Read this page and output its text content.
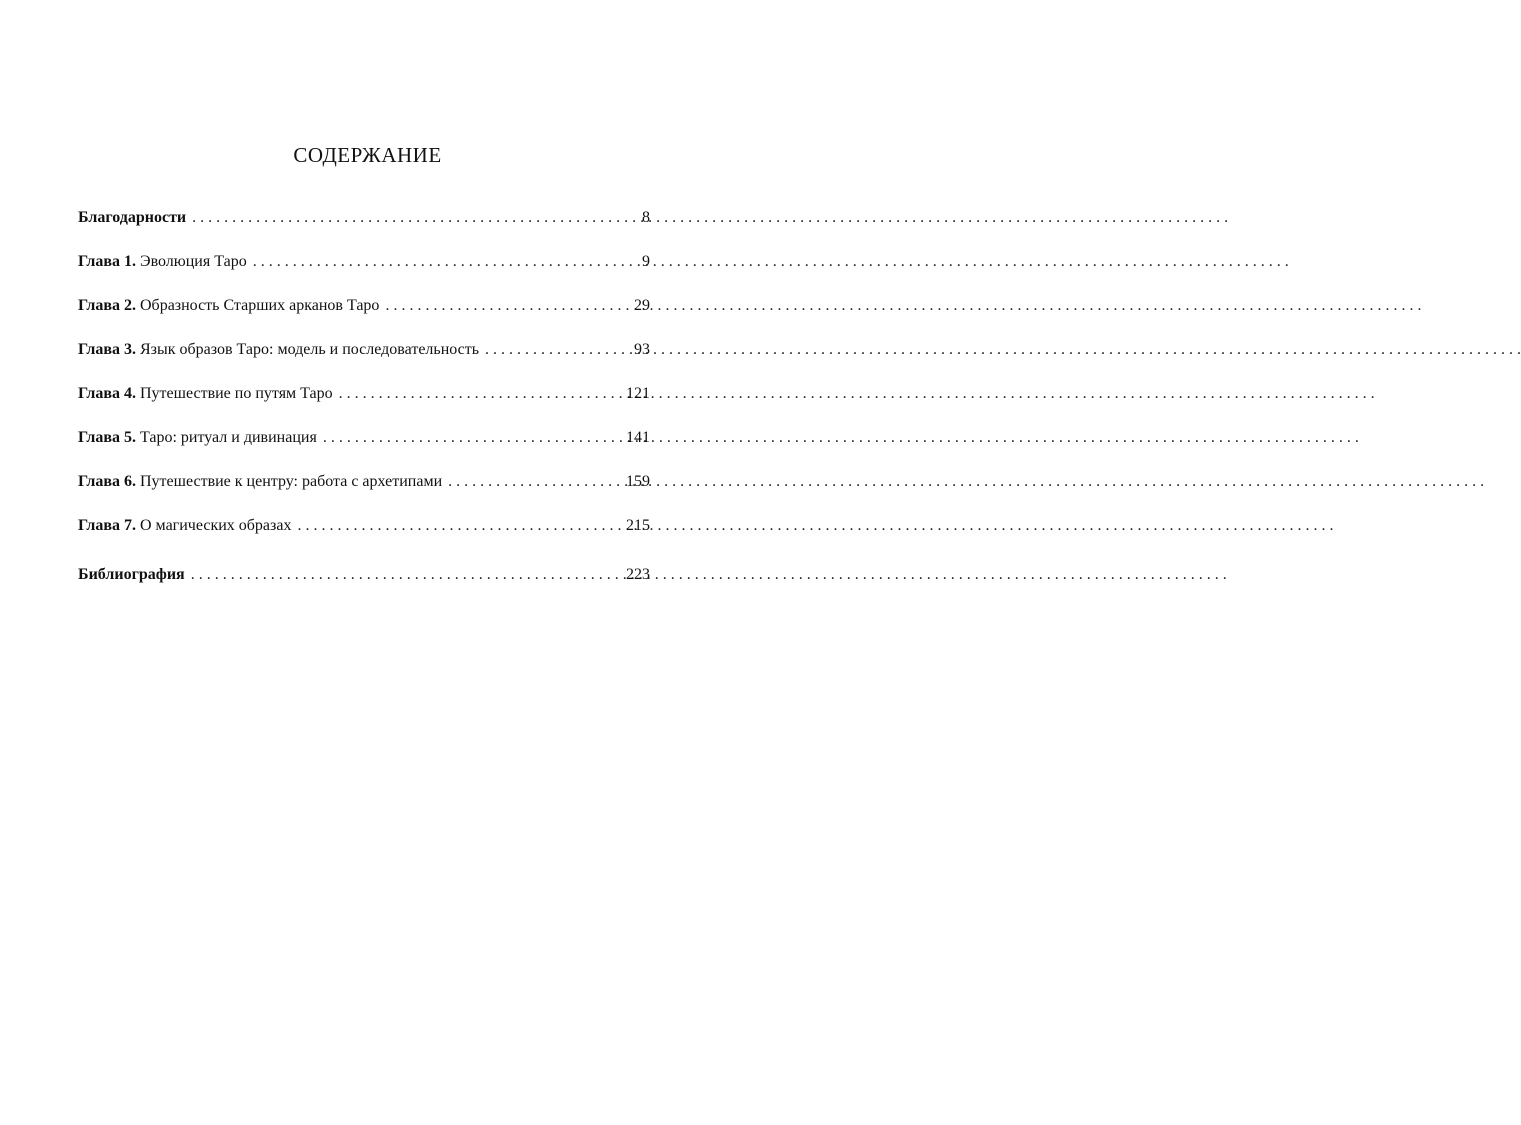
СОДЕРЖАНИЕ
Благодарности . . .	8
Глава 1. Эволюция Таро . . .	9
Глава 2. Образность Старших арканов Таро . . .	29
Глава 3. Язык образов Таро: модель и последовательность . . .	93
Глава 4. Путешествие по путям Таро . . .	121
Глава 5. Таро: ритуал и дивинация . . .	141
Глава 6. Путешествие к центру: работа с архетипами . . .	159
Глава 7. О магических образах . . .	215
Библиография . . .	223
